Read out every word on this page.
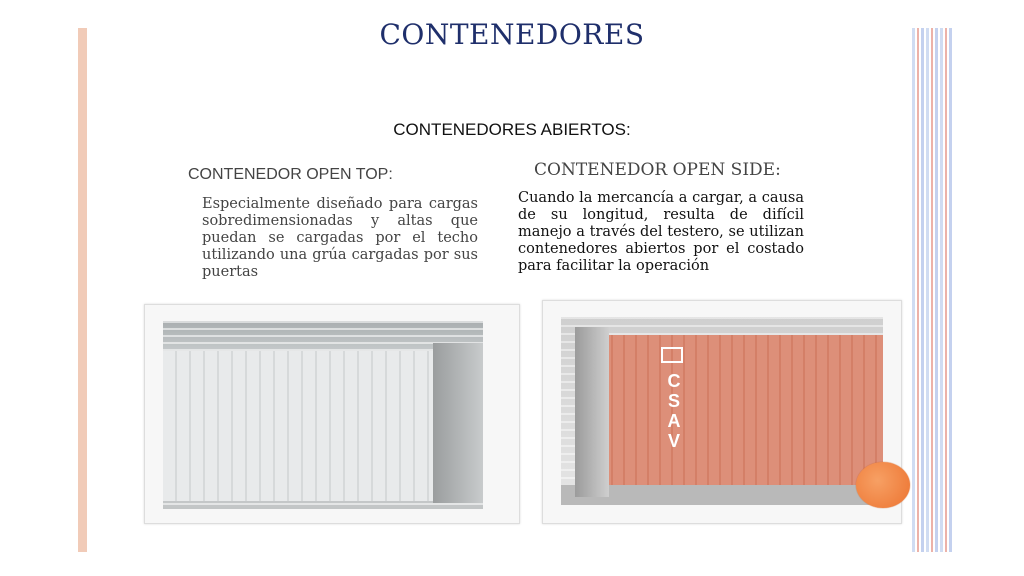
CONTENEDORES
CONTENEDORES ABIERTOS:
CONTENEDOR OPEN TOP:
Especialmente diseñado para cargas sobredimensionadas y altas que puedan se cargadas por el techo utilizando una grúa cargadas por sus puertas
CONTENEDOR OPEN SIDE:
Cuando la mercancía a cargar, a causa de su longitud, resulta de difícil manejo a través del testero, se utilizan contenedores abiertos por el costado para facilitar la operación
CSAV
